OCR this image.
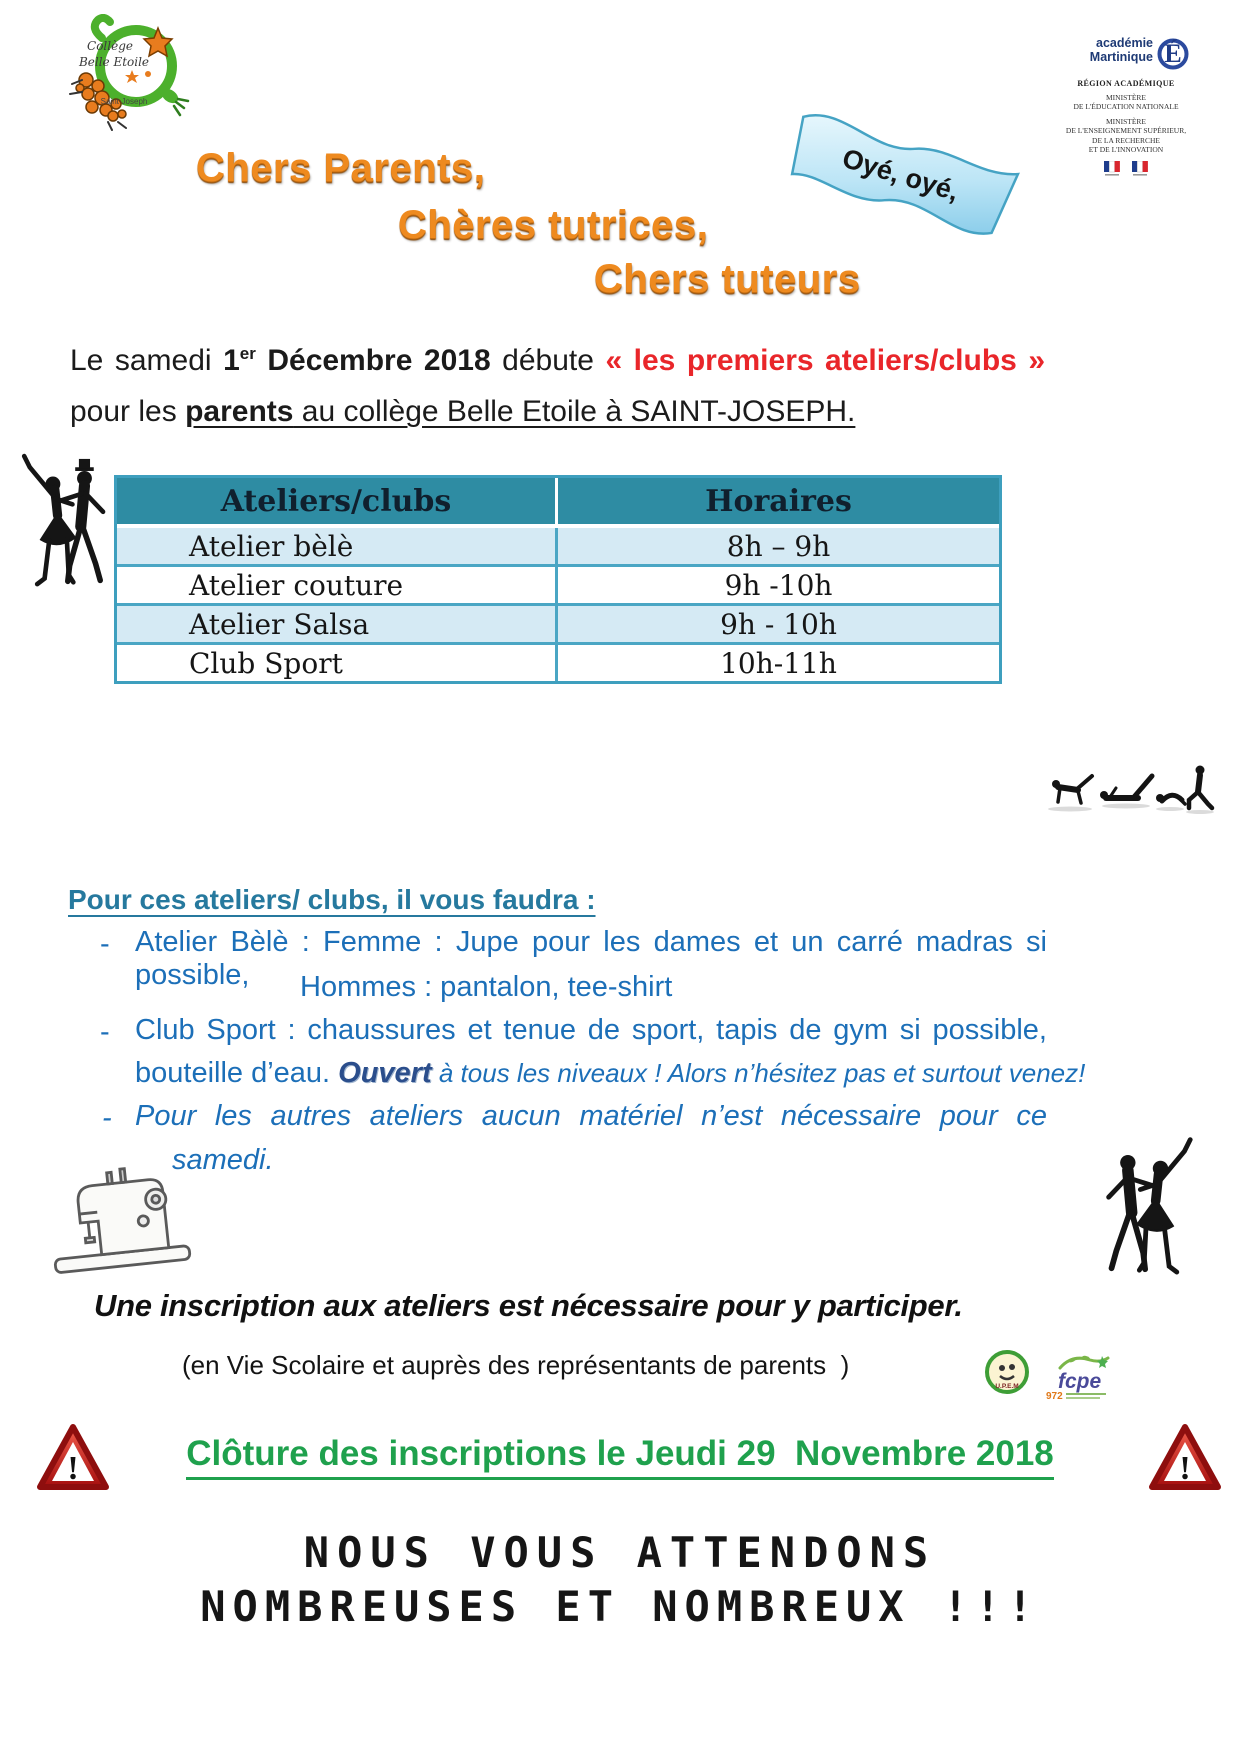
Collège
Belle Etoile
Saint-Joseph
académie
Martinique É
RÉGION ACADÉMIQUE
MINISTÈRE
DE L'ÉDUCATION NATIONALE
MINISTÈRE
DE L'ENSEIGNEMENT SUPÉRIEUR,
DE LA RECHERCHE
ET DE L'INNOVATION
Chers Parents,
Chères tutrices,
Chers tuteurs
Oyé, oyé,
Le samedi 1er Décembre 2018 débute « les premiers ateliers/clubs »
pour les parents au collège Belle Etoile à SAINT-JOSEPH.
Ateliers/clubs	Horaires
Atelier bèlè	8h – 9h
Atelier couture	9h -10h
Atelier Salsa	9h - 10h
Club Sport	10h-11h
Pour ces ateliers/ clubs, il vous faudra :
- Atelier Bèlè : Femme : Jupe pour les dames et un carré madras si possible,	Hommes : pantalon, tee-shirt
- Club Sport : chaussures et tenue de sport, tapis de gym si possible,
bouteille d’eau. Ouvert à tous les niveaux ! Alors n’hésitez pas et surtout venez!
- Pour les autres ateliers aucun matériel n’est nécessaire pour ce
samedi.
Une inscription aux ateliers est nécessaire pour y participer.
(en Vie Scolaire et auprès des représentants de parents  )
U.P.E.M fcpe
972
!	!
Clôture des inscriptions le Jeudi 29  Novembre 2018
NOUS VOUS ATTENDONS
NOMBREUSES ET NOMBREUX !!!
